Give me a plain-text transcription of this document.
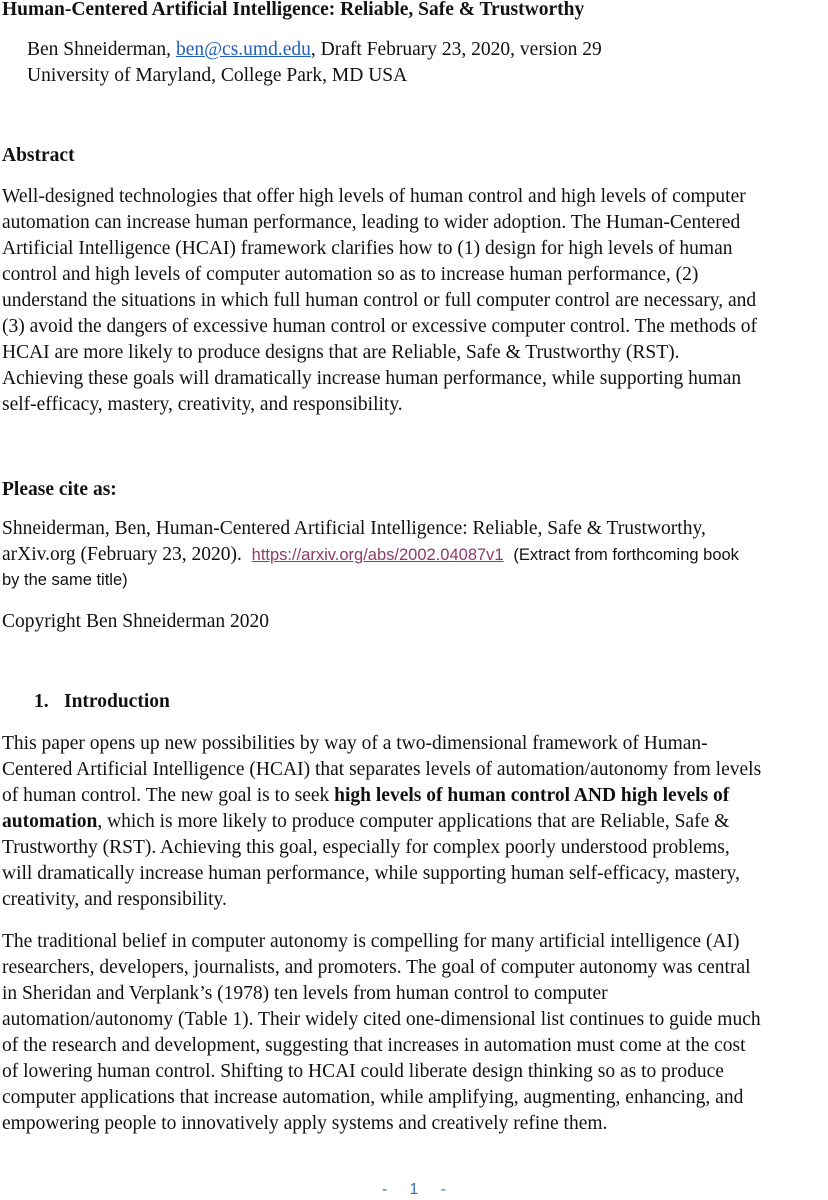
Human-Centered Artificial Intelligence: Reliable, Safe & Trustworthy
Ben Shneiderman, ben@cs.umd.edu, Draft February 23, 2020, version 29
University of Maryland, College Park, MD USA
Abstract
Well-designed technologies that offer high levels of human control and high levels of computer
automation can increase human performance, leading to wider adoption. The Human-Centered
Artificial Intelligence (HCAI) framework clarifies how to (1) design for high levels of human
control and high levels of computer automation so as to increase human performance, (2)
understand the situations in which full human control or full computer control are necessary, and
(3) avoid the dangers of excessive human control or excessive computer control. The methods of
HCAI are more likely to produce designs that are Reliable, Safe & Trustworthy (RST).
Achieving these goals will dramatically increase human performance, while supporting human
self-efficacy, mastery, creativity, and responsibility.
Please cite as:
Shneiderman, Ben, Human-Centered Artificial Intelligence: Reliable, Safe & Trustworthy,
arXiv.org (February 23, 2020). https://arxiv.org/abs/2002.04087v1 (Extract from forthcoming book
by the same title)
Copyright Ben Shneiderman 2020
1. Introduction
This paper opens up new possibilities by way of a two-dimensional framework of Human-
Centered Artificial Intelligence (HCAI) that separates levels of automation/autonomy from levels
of human control. The new goal is to seek high levels of human control AND high levels of
automation, which is more likely to produce computer applications that are Reliable, Safe &
Trustworthy (RST). Achieving this goal, especially for complex poorly understood problems,
will dramatically increase human performance, while supporting human self-efficacy, mastery,
creativity, and responsibility.
The traditional belief in computer autonomy is compelling for many artificial intelligence (AI)
researchers, developers, journalists, and promoters. The goal of computer autonomy was central
in Sheridan and Verplank’s (1978) ten levels from human control to computer
automation/autonomy (Table 1). Their widely cited one-dimensional list continues to guide much
of the research and development, suggesting that increases in automation must come at the cost
of lowering human control. Shifting to HCAI could liberate design thinking so as to produce
computer applications that increase automation, while amplifying, augmenting, enhancing, and
empowering people to innovatively apply systems and creatively refine them.
-     1     -
